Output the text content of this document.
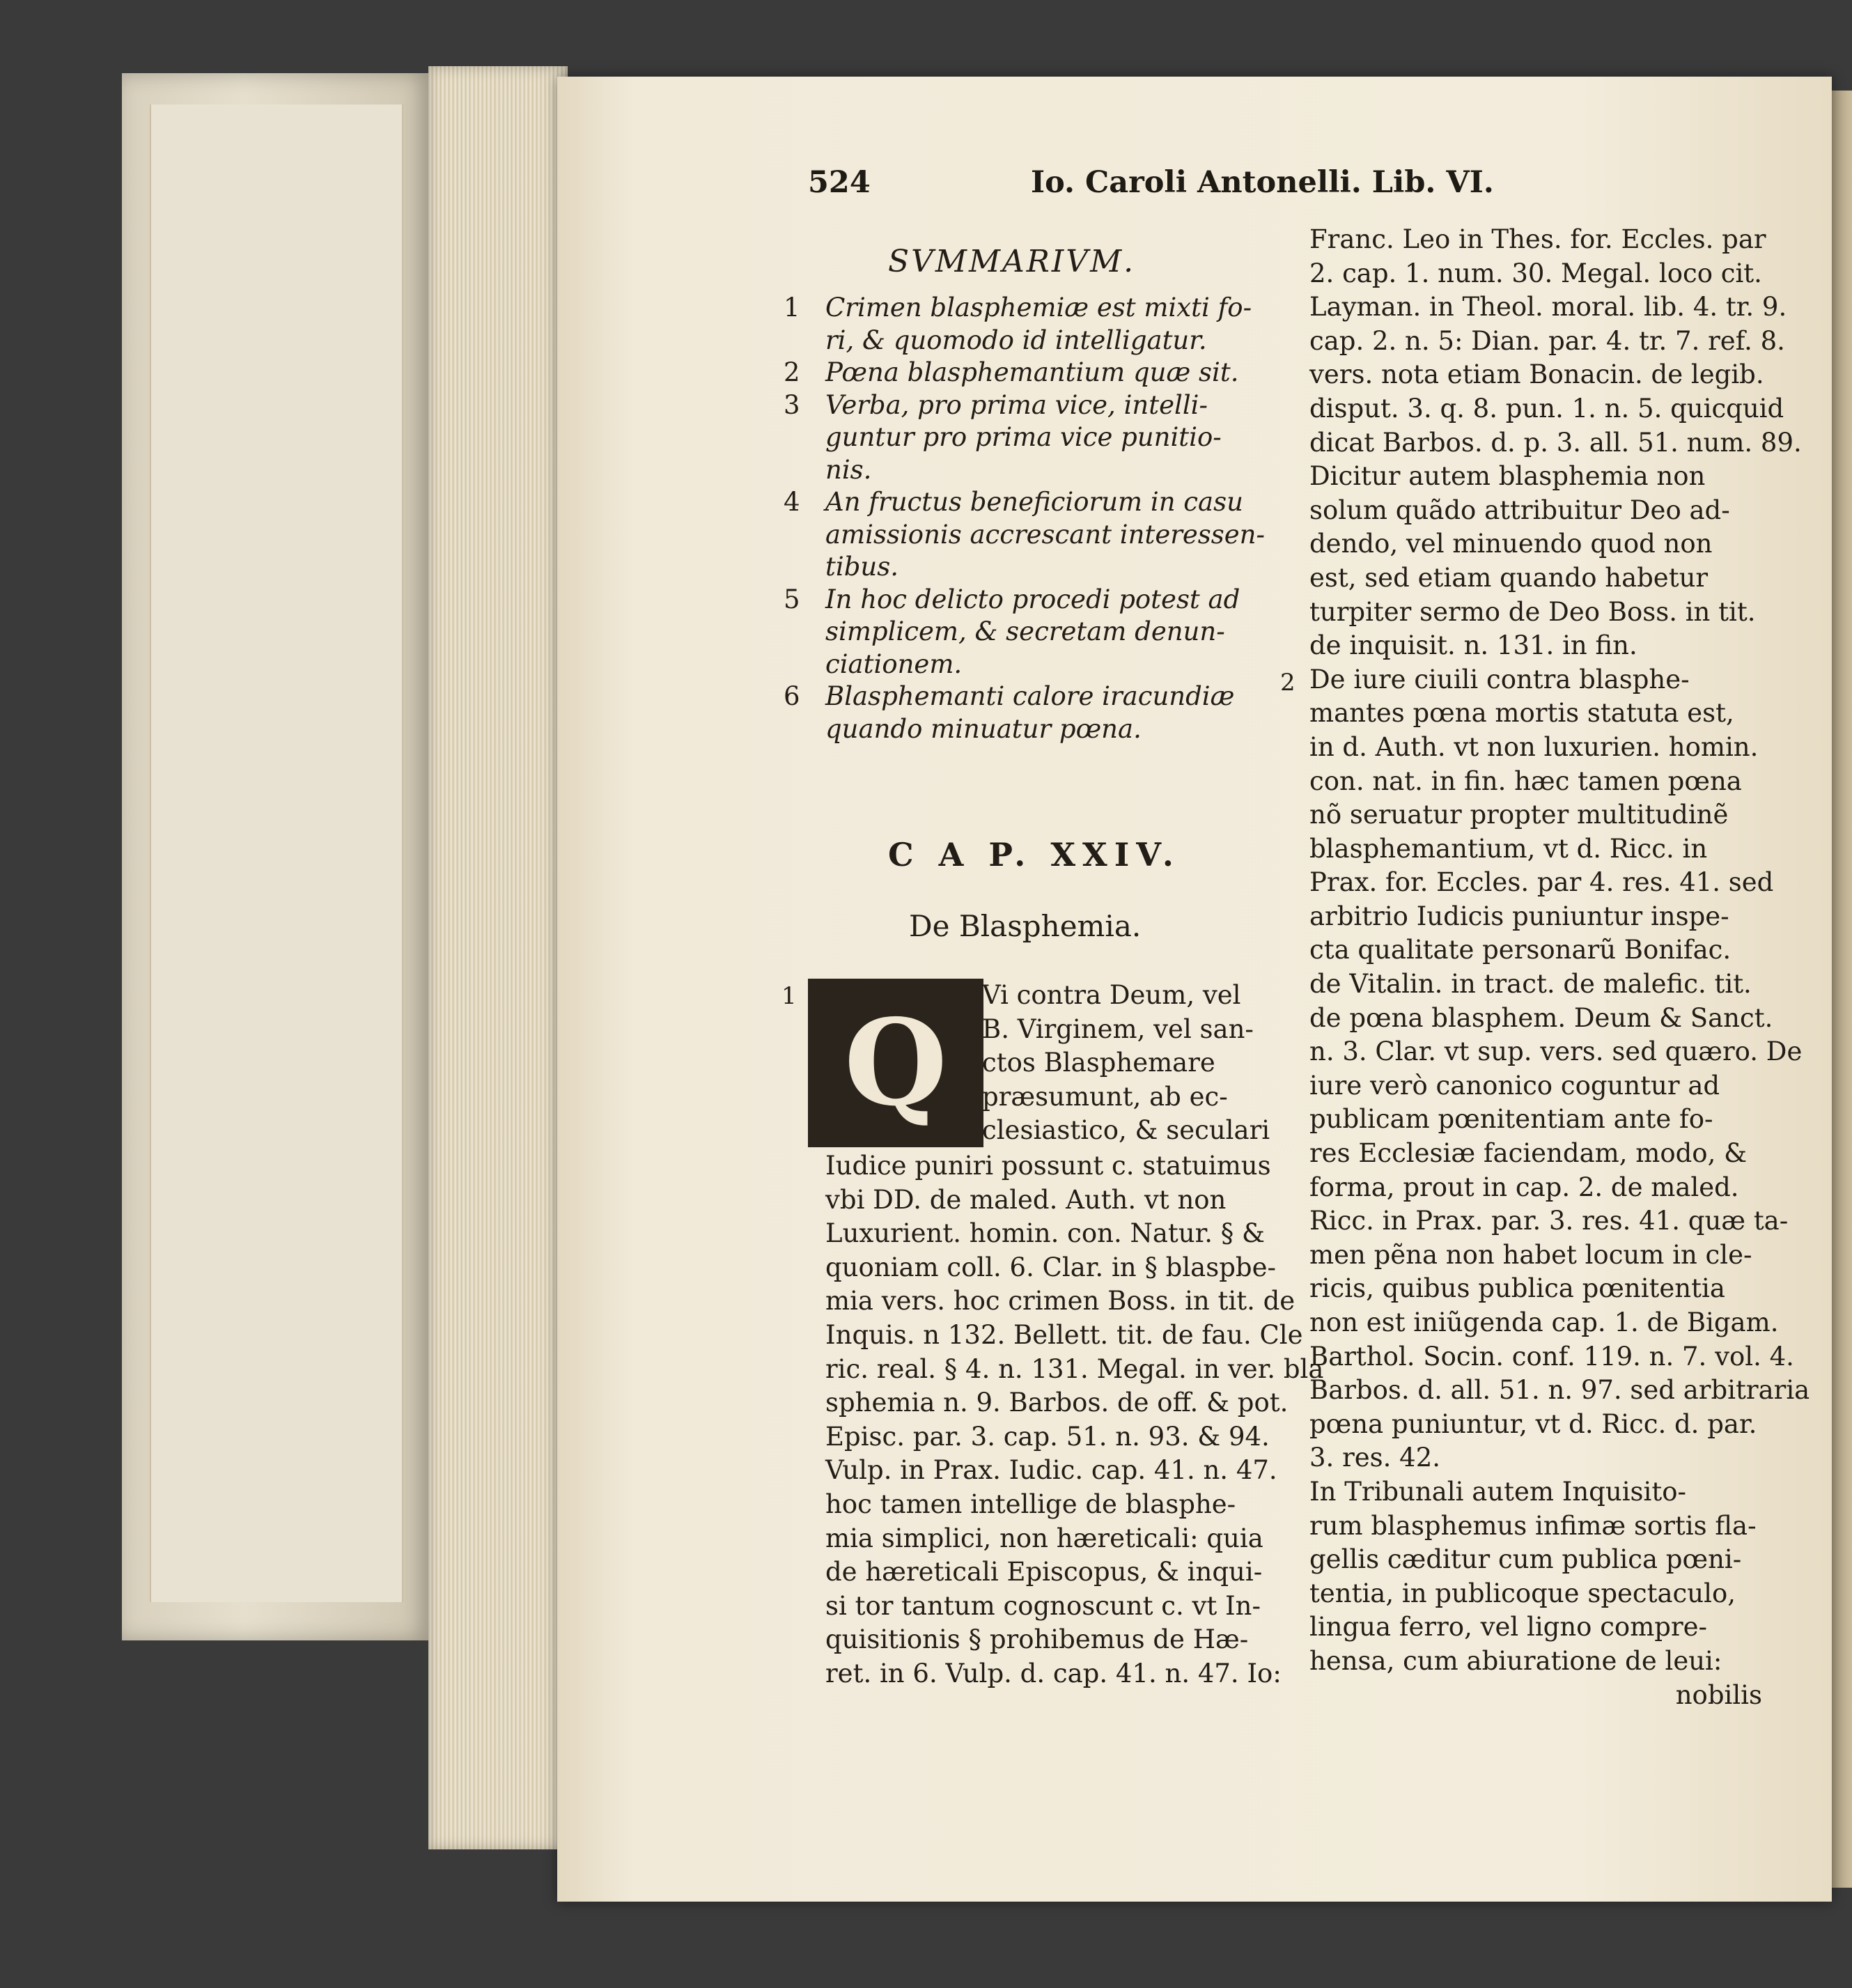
524	Io. Caroli Antonelli. Lib. VI.
SVMMARIVM.
1 Crimen blasphemiæ est mixti fo-
ri, & quomodo id intelligatur.
2 Pœna blasphemantium quæ sit.
3 Verba, pro prima vice, intelli-
guntur pro prima vice punitio-
nis.
4 An fructus beneficiorum in casu
amissionis accrescant interessen-
tibus.
5 In hoc delicto procedi potest ad
simplicem, & secretam denun-
ciationem.
6 Blasphemanti calore iracundiæ
quando minuatur pœna.
C A P. XXIV.
De Blasphemia.
1
2
Q Vi contra Deum, vel
B. Virginem, vel san-
ctos Blasphemare
præsumunt, ab ec-
clesiastico, & seculari
Iudice puniri possunt c. statuimus
vbi DD. de maled. Auth. vt non
Luxurient. homin. con. Natur. § &
quoniam coll. 6. Clar. in § blaspbe-
mia vers. hoc crimen Boss. in tit. de
Inquis. n 132. Bellett. tit. de fau. Cle
ric. real. § 4. n. 131. Megal. in ver. bla
sphemia n. 9. Barbos. de off. & pot.
Episc. par. 3. cap. 51. n. 93. & 94.
Vulp. in Prax. Iudic. cap. 41. n. 47.
hoc tamen intellige de blasphe-
mia simplici, non hæreticali: quia
de hæreticali Episcopus, & inqui-
si tor tantum cognoscunt c. vt In-
quisitionis § prohibemus de Hæ-
ret. in 6. Vulp. d. cap. 41. n. 47. Io:
Franc. Leo in Thes. for. Eccles. par
2. cap. 1. num. 30. Megal. loco cit.
Layman. in Theol. moral. lib. 4. tr. 9.
cap. 2. n. 5: Dian. par. 4. tr. 7. ref. 8.
vers. nota etiam Bonacin. de legib.
disput. 3. q. 8. pun. 1. n. 5. quicquid
dicat Barbos. d. p. 3. all. 51. num. 89.
Dicitur autem blasphemia non
solum quãdo attribuitur Deo ad-
dendo, vel minuendo quod non
est, sed etiam quando habetur
turpiter sermo de Deo Boss. in tit.
de inquisit. n. 131. in fin.
De iure ciuili contra blasphe-
mantes pœna mortis statuta est,
in d. Auth. vt non luxurien. homin.
con. nat. in fin. hæc tamen pœna
nõ seruatur propter multitudinẽ
blasphemantium, vt d. Ricc. in
Prax. for. Eccles. par 4. res. 41. sed
arbitrio Iudicis puniuntur inspe-
cta qualitate personarũ Bonifac.
de Vitalin. in tract. de malefic. tit.
de pœna blasphem. Deum & Sanct.
n. 3. Clar. vt sup. vers. sed quæro. De
iure verò canonico coguntur ad
publicam pœnitentiam ante fo-
res Ecclesiæ faciendam, modo, &
forma, prout in cap. 2. de maled.
Ricc. in Prax. par. 3. res. 41. quæ ta-
men pẽna non habet locum in cle-
ricis, quibus publica pœnitentia
non est iniũgenda cap. 1. de Bigam.
Barthol. Socin. conf. 119. n. 7. vol. 4.
Barbos. d. all. 51. n. 97. sed arbitraria
pœna puniuntur, vt d. Ricc. d. par.
3. res. 42.
In Tribunali autem Inquisito-
rum blasphemus infimæ sortis fla-
gellis cæditur cum publica pœni-
tentia, in publicoque spectaculo,
lingua ferro, vel ligno compre-
hensa, cum abiuratione de leui:
nobilis
